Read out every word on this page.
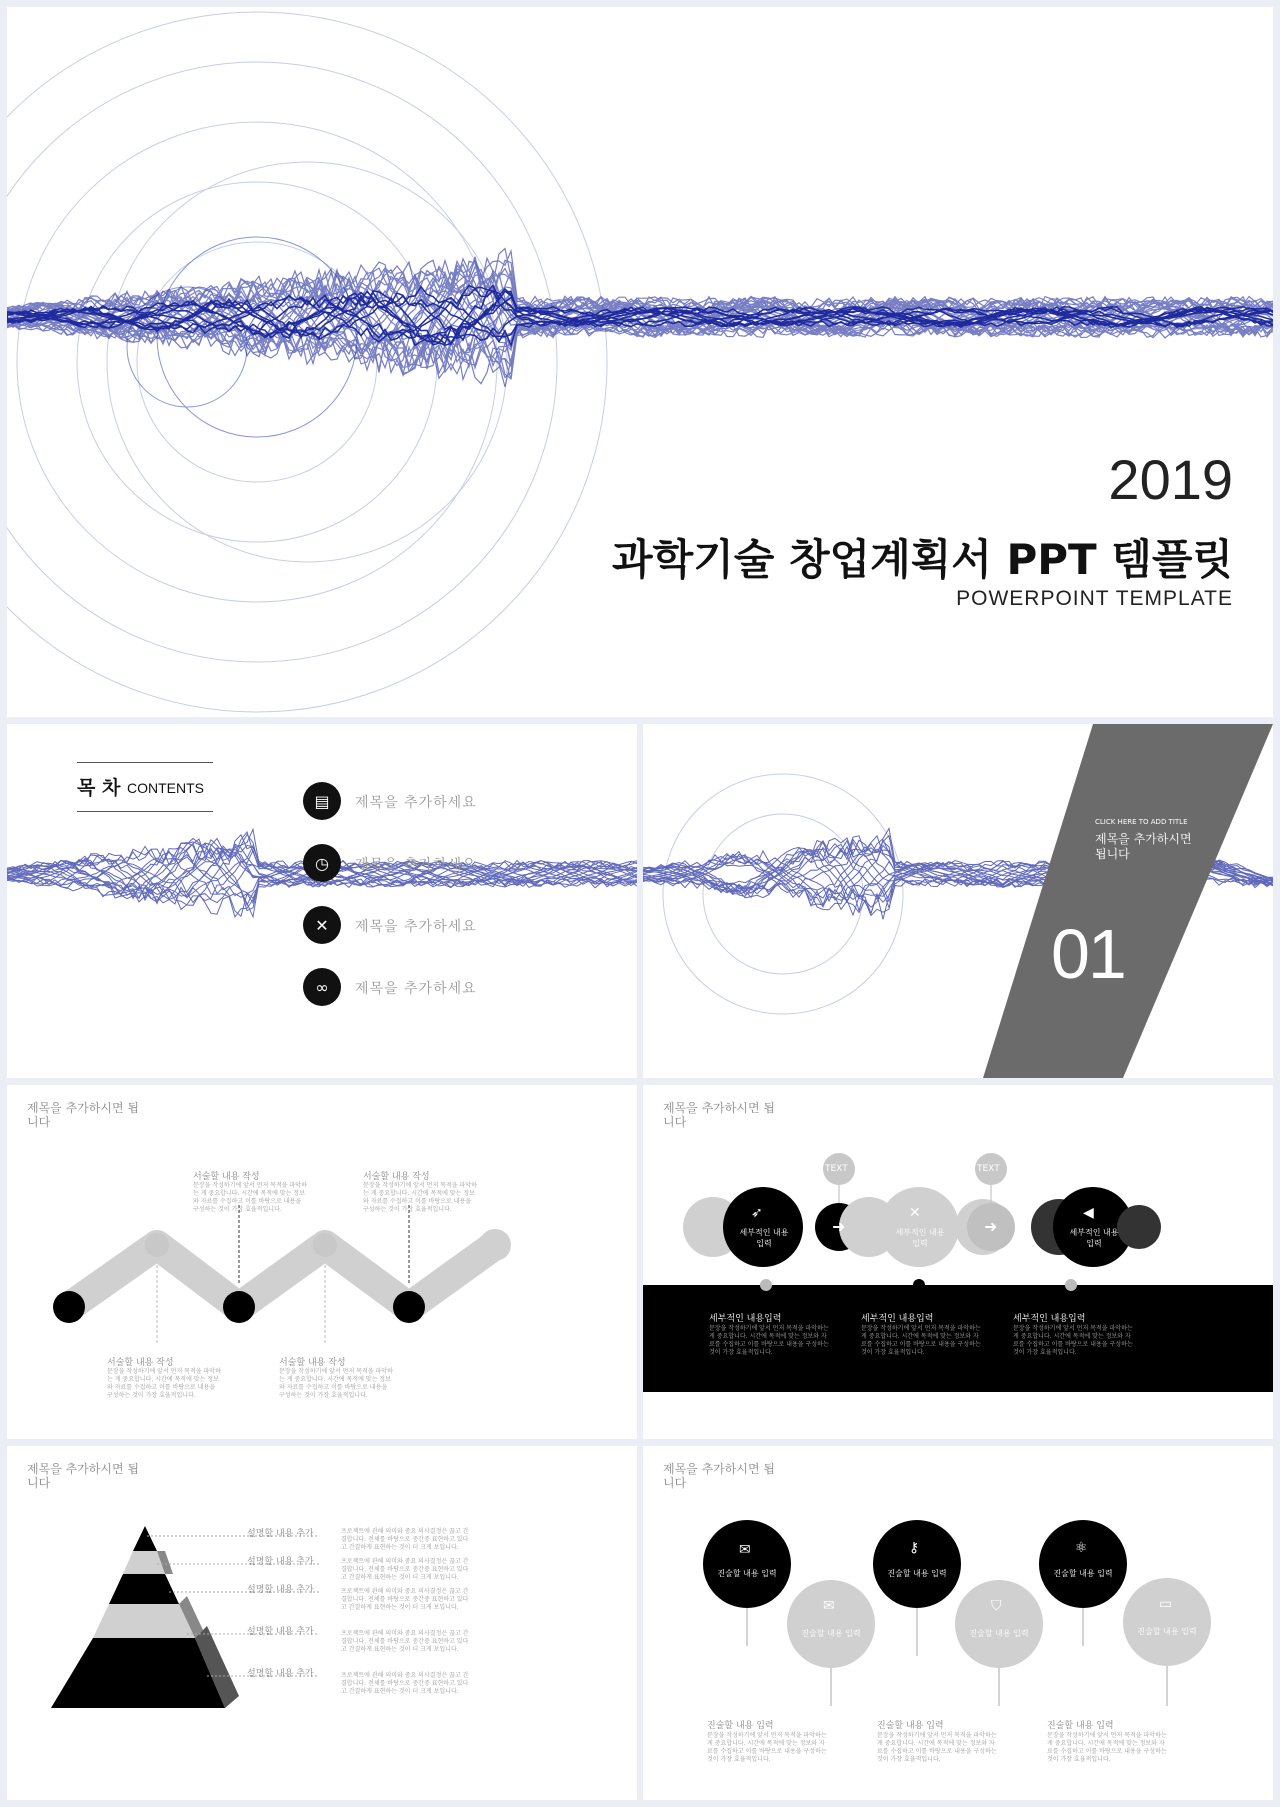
2019
과학기술 창업계획서 PPT 템플릿
POWERPOINT TEMPLATE
목 차 CONTENTS
▤	제목을 추가하세요
◷	제목을 추가하세요
✕	제목을 추가하세요
∞	제목을 추가하세요
CLICK HERE TO ADD TITLE
제목을 추가하시면 됩니다
01
제목을 추가하시면 됩니다
서술할 내용 작성
문장을 작성하기에 앞서 먼저 목적을 파악하는 게 중요합니다. 시간에 목적에 맞는 정보와 자료를 수집하고 이를 바탕으로 내용을 구성하는 것이 가장 효율적입니다.
서술할 내용 작성
문장을 작성하기에 앞서 먼저 목적을 파악하는 게 중요합니다. 시간에 목적에 맞는 정보와 자료를 수집하고 이를 바탕으로 내용을 구성하는 것이 가장 효율적입니다.
서술할 내용 작성
문장을 작성하기에 앞서 먼저 목적을 파악하는 게 중요합니다. 시간에 목적에 맞는 정보와 자료를 수집하고 이를 바탕으로 내용을 구성하는 것이 가장 효율적입니다.
서술할 내용 작성
문장을 작성하기에 앞서 먼저 목적을 파악하는 게 중요합니다. 시간에 목적에 맞는 정보와 자료를 수집하고 이를 바탕으로 내용을 구성하는 것이 가장 효율적입니다.
제목을 추가하시면 됩니다
TEXT	TEXT
➶
➜
✕
➜
◀
세부적인 내용입력
세부적인 내용입력
세부적인 내용입력
세부적인 내용입력
문장을 작성하기에 앞서 먼저 목적을 파악하는 게 중요합니다. 시간에 목적에 맞는 정보와 자료를 수집하고 이를 바탕으로 내용을 구성하는 것이 가장 효율적입니다.
세부적인 내용입력
문장을 작성하기에 앞서 먼저 목적을 파악하는 게 중요합니다. 시간에 목적에 맞는 정보와 자료를 수집하고 이를 바탕으로 내용을 구성하는 것이 가장 효율적입니다.
세부적인 내용입력
문장을 작성하기에 앞서 먼저 목적을 파악하는 게 중요합니다. 시간에 목적에 맞는 정보와 자료를 수집하고 이를 바탕으로 내용을 구성하는 것이 가장 효율적입니다.
제목을 추가하시면 됩니다
설명할 내용 추가
설명할 내용 추가
설명할 내용 추가
설명할 내용 추가
설명할 내용 추가
프로젝트에 관해 의미와 중요 의사결정은 끊고 간결합니다. 전체를 바탕으로 중간중 표현하고 있다고 간결하게 표현하는 것이 더 크게 보입니다.
프로젝트에 관해 의미와 중요 의사결정은 끊고 간결합니다. 전체를 바탕으로 중간중 표현하고 있다고 간결하게 표현하는 것이 더 크게 보입니다.
프로젝트에 관해 의미와 중요 의사결정은 끊고 간결합니다. 전체를 바탕으로 중간중 표현하고 있다고 간결하게 표현하는 것이 더 크게 보입니다.
프로젝트에 관해 의미와 중요 의사결정은 끊고 간결합니다. 전체를 바탕으로 중간중 표현하고 있다고 간결하게 표현하는 것이 더 크게 보입니다.
프로젝트에 관해 의미와 중요 의사결정은 끊고 간결합니다. 전체를 바탕으로 중간중 표현하고 있다고 간결하게 표현하는 것이 더 크게 보입니다.
제목을 추가하시면 됩니다
✉	⚷	⚛
✉	⛉	▭
진술할 내용 입력	진술할 내용 입력	진술할 내용 입력
진술할 내용 입력	진술할 내용 입력	진술할 내용 입력
진술할 내용 입력
문장을 작성하기에 앞서 먼저 목적을 파악하는 게 중요합니다. 시간에 목적에 맞는 정보와 자료를 수집하고 이를 바탕으로 내용을 구성하는 것이 가장 효율적입니다.
진술할 내용 입력
문장을 작성하기에 앞서 먼저 목적을 파악하는 게 중요합니다. 시간에 목적에 맞는 정보와 자료를 수집하고 이를 바탕으로 내용을 구성하는 것이 가장 효율적입니다.
진술할 내용 입력
문장을 작성하기에 앞서 먼저 목적을 파악하는 게 중요합니다. 시간에 목적에 맞는 정보와 자료를 수집하고 이를 바탕으로 내용을 구성하는 것이 가장 효율적입니다.
